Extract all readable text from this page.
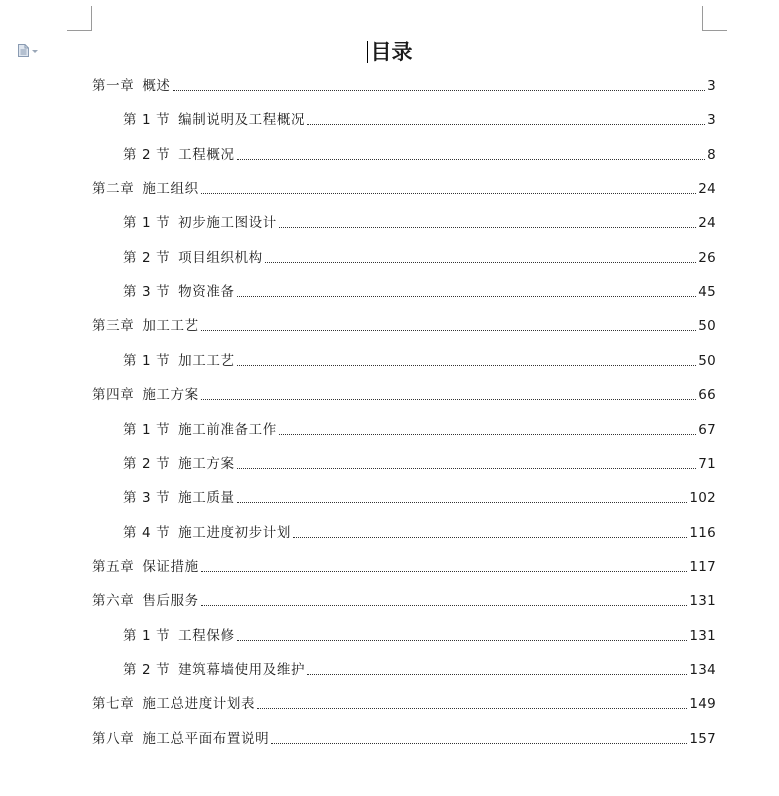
目录
第一章 概述	3
第 1 节 编制说明及工程概况	3
第 2 节 工程概况	8
第二章 施工组织	24
第 1 节 初步施工图设计	24
第 2 节 项目组织机构	26
第 3 节 物资准备	45
第三章 加工工艺	50
第 1 节 加工工艺	50
第四章 施工方案	66
第 1 节 施工前准备工作	67
第 2 节 施工方案	71
第 3 节 施工质量	102
第 4 节 施工进度初步计划	116
第五章 保证措施	117
第六章 售后服务	131
第 1 节 工程保修	131
第 2 节 建筑幕墙使用及维护	134
第七章 施工总进度计划表	149
第八章 施工总平面布置说明	157
